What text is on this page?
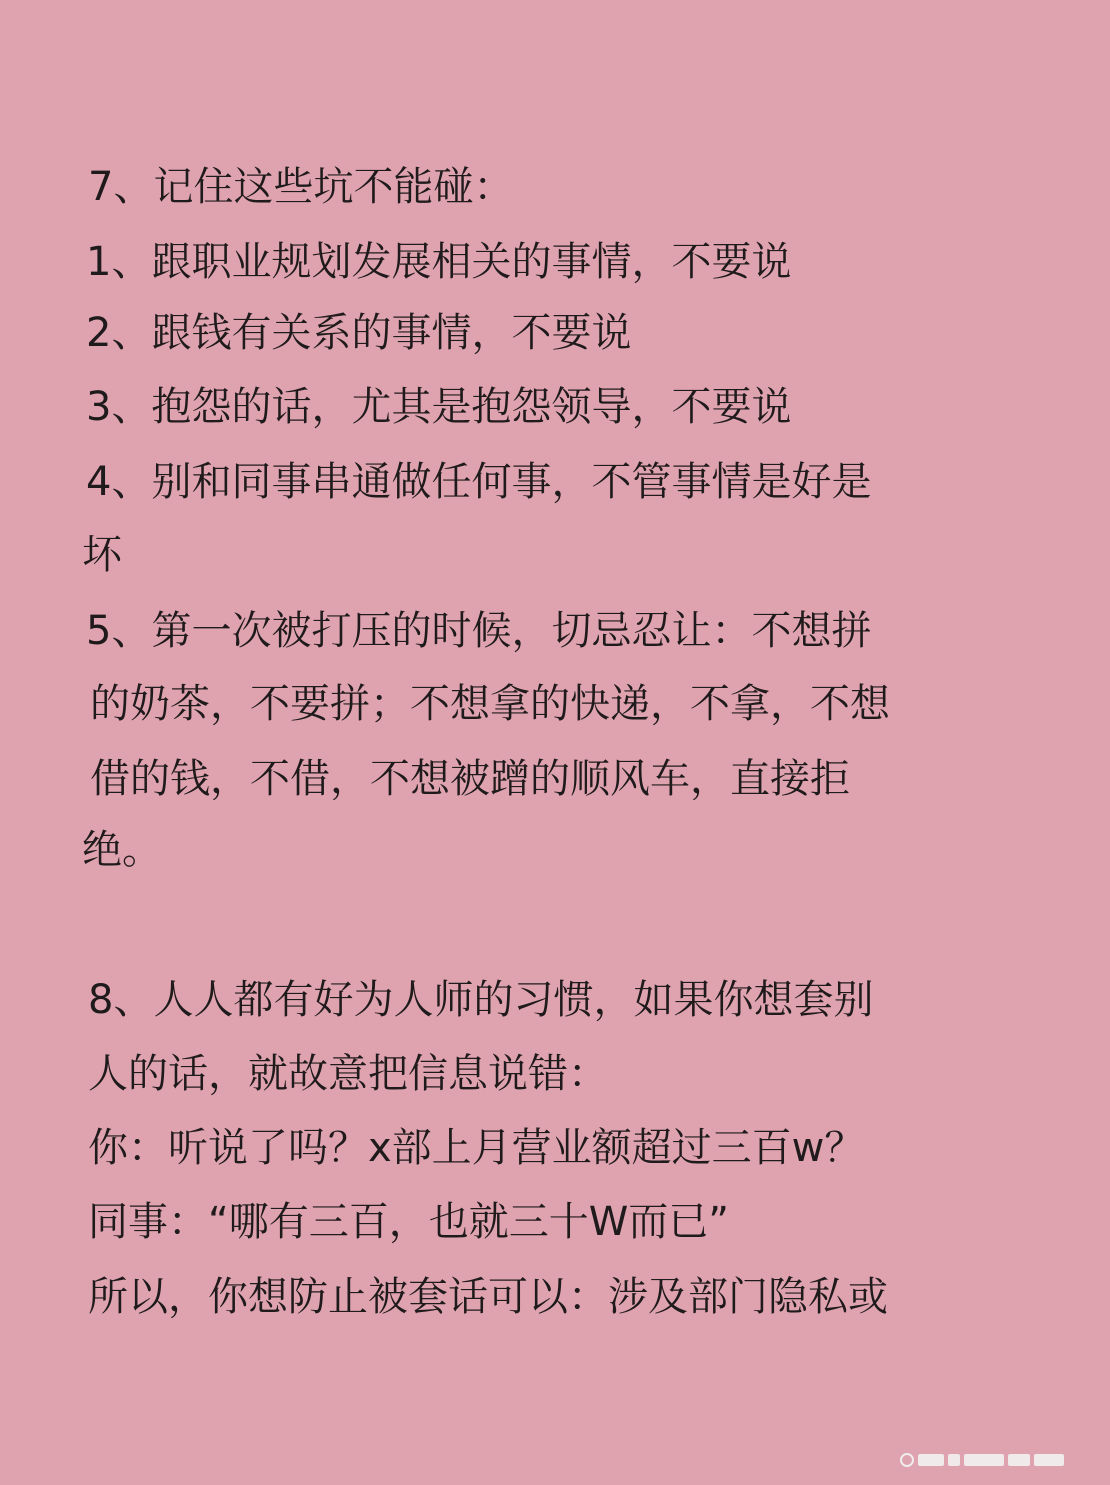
7、记住这些坑不能碰：
1、跟职业规划发展相关的事情，不要说
2、跟钱有关系的事情，不要说
3、抱怨的话，尤其是抱怨领导，不要说
4、别和同事串通做任何事，不管事情是好是
坏
5、第一次被打压的时候，切忌忍让：不想拼
的奶茶，不要拼；不想拿的快递，不拿，不想
借的钱，不借，不想被蹭的顺风车，直接拒
绝。
8、人人都有好为人师的习惯，如果你想套别
人的话，就故意把信息说错：
你：听说了吗？x部上月营业额超过三百w？
同事：“哪有三百，也就三十W而已”
所以，你想防止被套话可以：涉及部门隐私或
